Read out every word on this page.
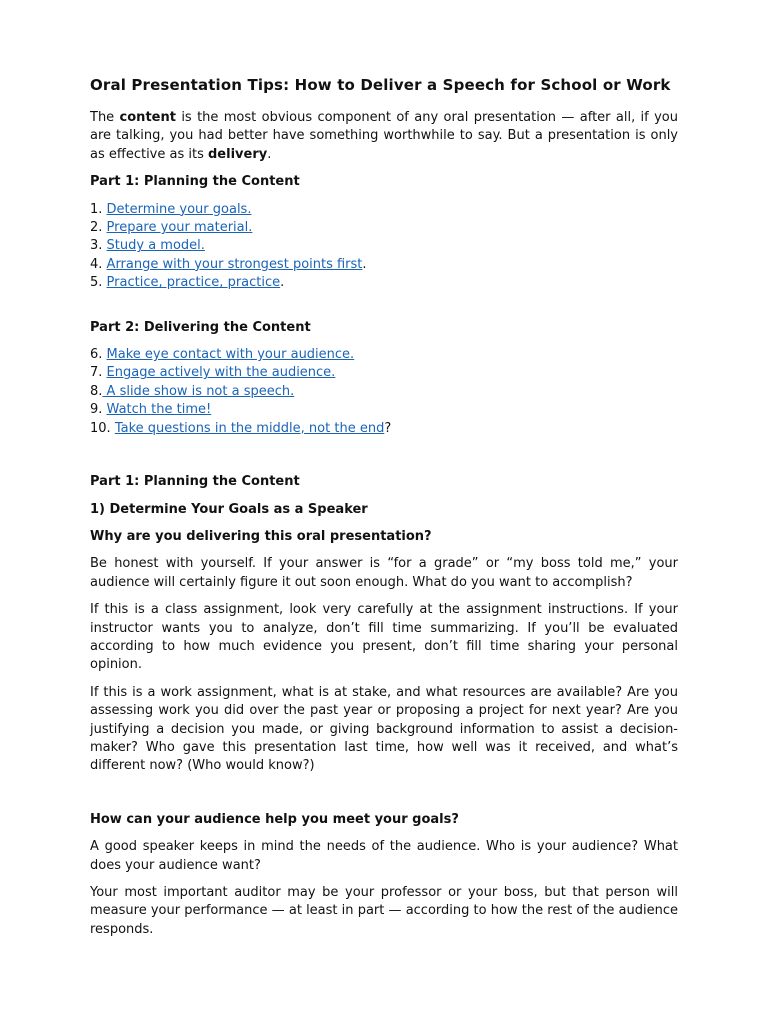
Oral Presentation Tips: How to Deliver a Speech for School or Work

The content is the most obvious component of any oral presentation — after all, if you are talking, you had better have something worthwhile to say. But a presentation is only as effective as its delivery.

Part 1: Planning the Content
1. Determine your goals.
2. Prepare your material.
3. Study a model.
4. Arrange with your strongest points first.
5. Practice, practice, practice.
Part 2: Delivering the Content
6. Make eye contact with your audience.
7. Engage actively with the audience.
8. A slide show is not a speech.
9. Watch the time!
10. Take questions in the middle, not the end?
Part 1: Planning the Content
1) Determine Your Goals as a Speaker
Why are you delivering this oral presentation?

Be honest with yourself. If your answer is “for a grade” or “my boss told me,” your audience will certainly figure it out soon enough. What do you want to accomplish?

If this is a class assignment, look very carefully at the assignment instructions. If your instructor wants you to analyze, don’t fill time summarizing. If you’ll be evaluated according to how much evidence you present, don’t fill time sharing your personal opinion.

If this is a work assignment, what is at stake, and what resources are available? Are you assessing work you did over the past year or proposing a project for next year? Are you justifying a decision you made, or giving background information to assist a decision-maker? Who gave this presentation last time, how well was it received, and what’s different now? (Who would know?)

How can your audience help you meet your goals?

A good speaker keeps in mind the needs of the audience. Who is your audience? What does your audience want?

Your most important auditor may be your professor or your boss, but that person will measure your performance — at least in part — according to how the rest of the audience responds.
